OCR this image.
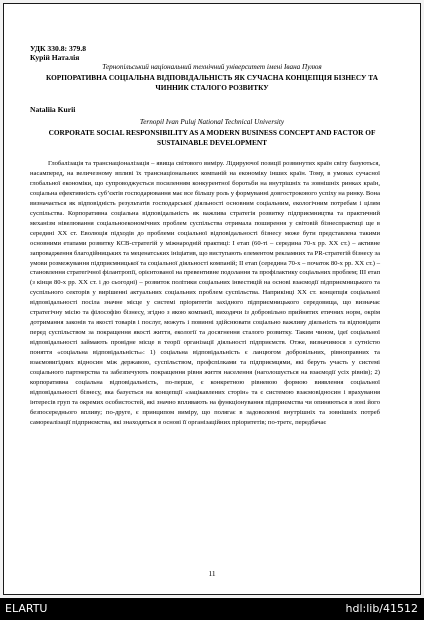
УДК 330.8: 379.8
Курій Наталія
Тернопільський національний технічний університет імені Івана Пулюя
КОРПОРАТИВНА СОЦІАЛЬНА ВІДПОВІДАЛЬНІСТЬ ЯК СУЧАСНА КОНЦЕПЦІЯ БІЗНЕСУ ТА ЧИННИК СТАЛОГО РОЗВИТКУ
Nataliia Kurii
Ternopil Ivan Puluj National Technical University
CORPORATE SOCIAL RESPONSIBILITY AS A MODERN BUSINESS CONCEPT AND FACTOR OF SUSTAINABLE DEVELOPMENT

Глобалізація та транснаціоналізація – явища світового виміру. Лідируючої позиції розвинутих країн світу базуються, насамперед, на величезному впливі їх транснаціональних компаній на економіку інших країн. Тому, в умовах сучасної глобальної економіки, що супроводжується посиленням конкурентної боротьби на внутрішніх та зовнішніх ринках країн, соціальна ефективність суб’єктів господарювання має все більшу роль у формуванні довгострокового успіху на ринку. Вона визначається як відповідність результатів господарської діяльності основним соціальним, екологічним потребам і цілям суспільства. Корпоративна соціальна відповідальність як важлива стратегія розвитку підприємництва та практичний механізм нівелювання соціальноекономічних проблем суспільства отримала поширення у світовій бізнеспрактиці ще в середині XX ст. Еволюція підходів до проблеми соціальної відповідальності бізнесу може бути представлена такими основними етапами розвитку КСВ-стратегій у міжнародній практиці: I етап (60-ті – середина 70-х рр. XX ст.) – активне запровадження благодійницьких та меценатських ініціатив, що виступають елементом рекламних та PR-стратегій бізнесу за умови розмежування підприємницької та соціальної діяльності компаній; II етап (середина 70-х – початок 80-х рр. XX ст.) – становлення стратегічної філантропії, орієнтованої на превентивне подолання та профілактику соціальних проблем; III етап (з кінця 80-х рр. XX ст. і до сьогодні) – розвиток політики соціальних інвестицій на основі взаємодії підприємницького та суспільного секторів у вирішенні актуальних соціальних проблем суспільства. Наприкінці XX ст. концепція соціальної відповідальності посіла значне місце у системі пріоритетів західного підприємницького середовища, що визначає стратегічну місію та філософію бізнесу, згідно з якою компанії, виходячи із добровільно прийнятих етичних норм, окрім дотримання законів та якості товарів і послуг, можуть і повинні здійснювати соціально важливу діяльність та відповідати перед суспільством за покращення якості життя, екології та досягнення сталого розвитку. Таким чином, ідеї соціальної відповідальності займають провідне місце в теорії організації діяльності підприємств. Отже, визначимося з сутністю поняття «соціальна відповідальність»: 1) соціальна відповідальність є ланцюгом добровільних, рівноправних та взаємовигідних відносин між державою, суспільством, профспілками та підприємцями, які беруть участь у системі соціального партнерства та забезпечують покращення рівня життя населення (наголошується на взаємодії усіх рівнів); 2) корпоративна соціальна відповідальність, по-перше, є конкретною рівневою формою виявлення соціальної відповідальності бізнесу, яка базується на концепції «зацікавлених сторін» та є системою взаємовідносин і врахування інтересів груп та окремих особистостей, які значно впливають на функціонування підприємства чи опиняються в зоні його безпосереднього впливу; по-друге, є принципом виміру, що полягає в задоволенні внутрішніх та зовнішніх потреб самореалізації підприємства, які знаходяться в основі її організаційних пріоритетів; по-третє, передбачає

11
ELARTU	hdl:lib/41512
